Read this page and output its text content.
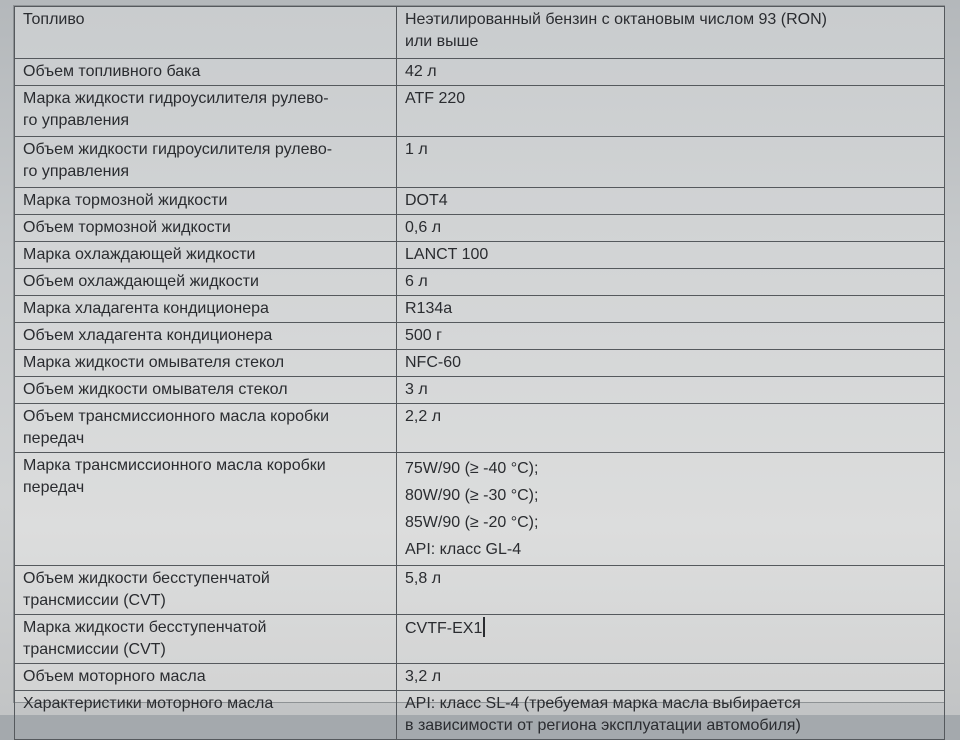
Топливо	Неэтилированный бензин с октановым числом 93 (RON)
или выше

Объем топливного бака	42 л

Марка жидкости гидроусилителя рулево-
го управления	ATF 220

Объем жидкости гидроусилителя рулево-
го управления	1 л

Марка тормозной жидкости	DOT4

Объем тормозной жидкости	0,6 л

Марка охлаждающей жидкости	LANCT 100

Объем охлаждающей жидкости	6 л

Марка хладагента кондиционера	R134a

Объем хладагента кондиционера	500 г

Марка жидкости омывателя стекол	NFC-60

Объем жидкости омывателя стекол	3 л

Объем трансмиссионного масла коробки
передач	2,2 л

Марка трансмиссионного масла коробки
передач	75W/90 (≥ -40 °C);
80W/90 (≥ -30 °C);
85W/90 (≥ -20 °C);
API: класс GL-4

Объем жидкости бесступенчатой
трансмиссии (CVT)	5,8 л

Марка жидкости бесступенчатой
трансмиссии (CVT)	CVTF-EX1

Объем моторного масла	3,2 л

Характеристики моторного масла	API: класс SL-4 (требуемая марка масла выбирается
в зависимости от региона эксплуатации автомобиля)
